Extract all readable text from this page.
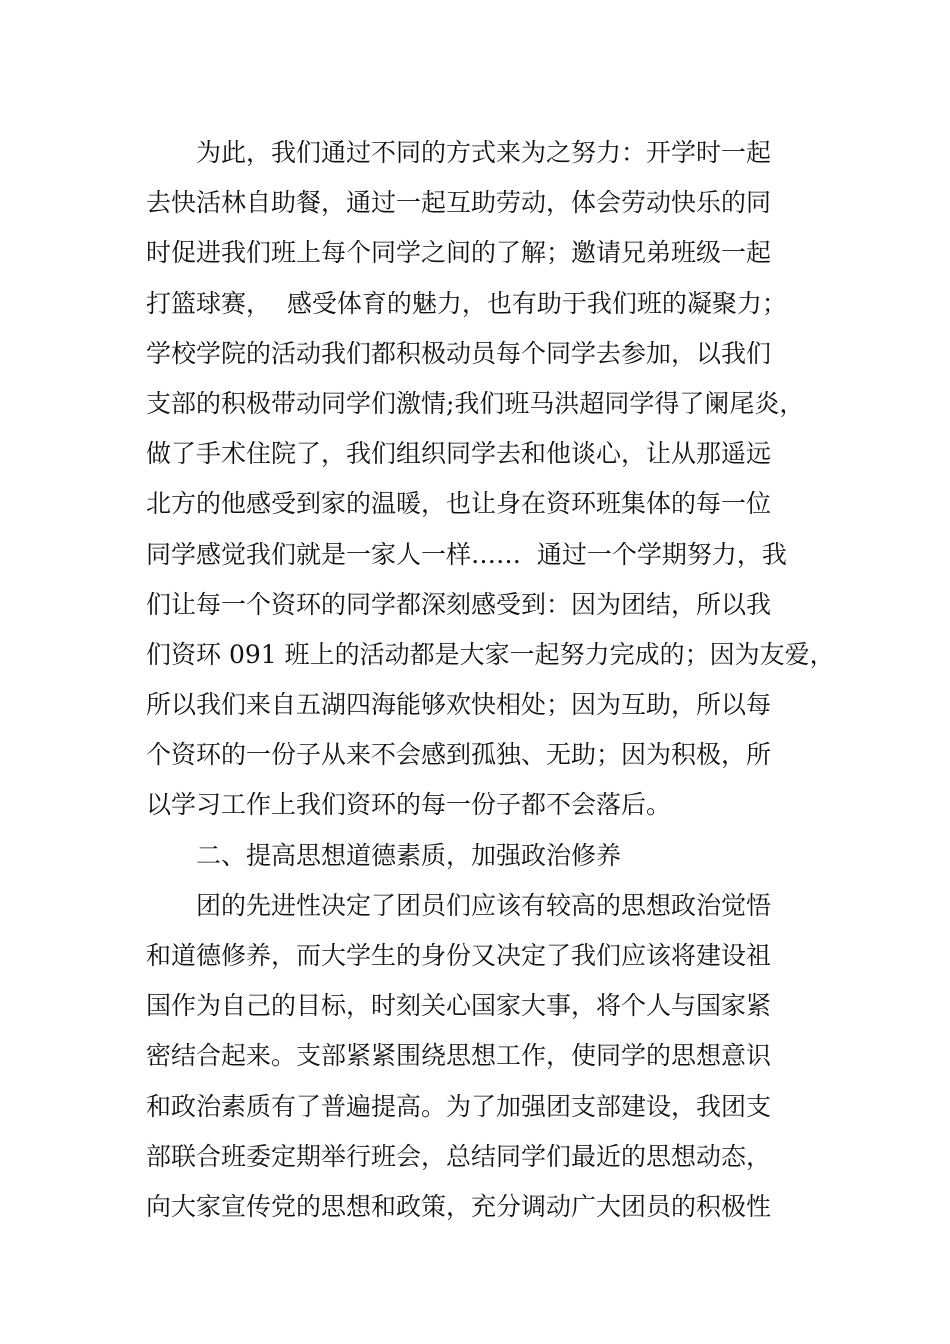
为此，我们通过不同的方式来为之努力：开学时一起
去快活林自助餐，通过一起互助劳动，体会劳动快乐的同
时促进我们班上每个同学之间的了解；邀请兄弟班级一起
打篮球赛，  感受体育的魅力，也有助于我们班的凝聚力；
学校学院的活动我们都积极动员每个同学去参加，以我们
支部的积极带动同学们激情;我们班马洪超同学得了阑尾炎，
做了手术住院了，我们组织同学去和他谈心，让从那遥远
北方的他感受到家的温暖，也让身在资环班集体的每一位
同学感觉我们就是一家人一样……  通过一个学期努力，我
们让每一个资环的同学都深刻感受到：因为团结，所以我
们资环 091 班上的活动都是大家一起努力完成的；因为友爱，
所以我们来自五湖四海能够欢快相处；因为互助，所以每
个资环的一份子从来不会感到孤独、无助；因为积极，所
以学习工作上我们资环的每一份子都不会落后。
二、提高思想道德素质，加强政治修养
团的先进性决定了团员们应该有较高的思想政治觉悟
和道德修养，而大学生的身份又决定了我们应该将建设祖
国作为自己的目标，时刻关心国家大事，将个人与国家紧
密结合起来。支部紧紧围绕思想工作，使同学的思想意识
和政治素质有了普遍提高。为了加强团支部建设，我团支
部联合班委定期举行班会，总结同学们最近的思想动态，
向大家宣传党的思想和政策，充分调动广大团员的积极性
